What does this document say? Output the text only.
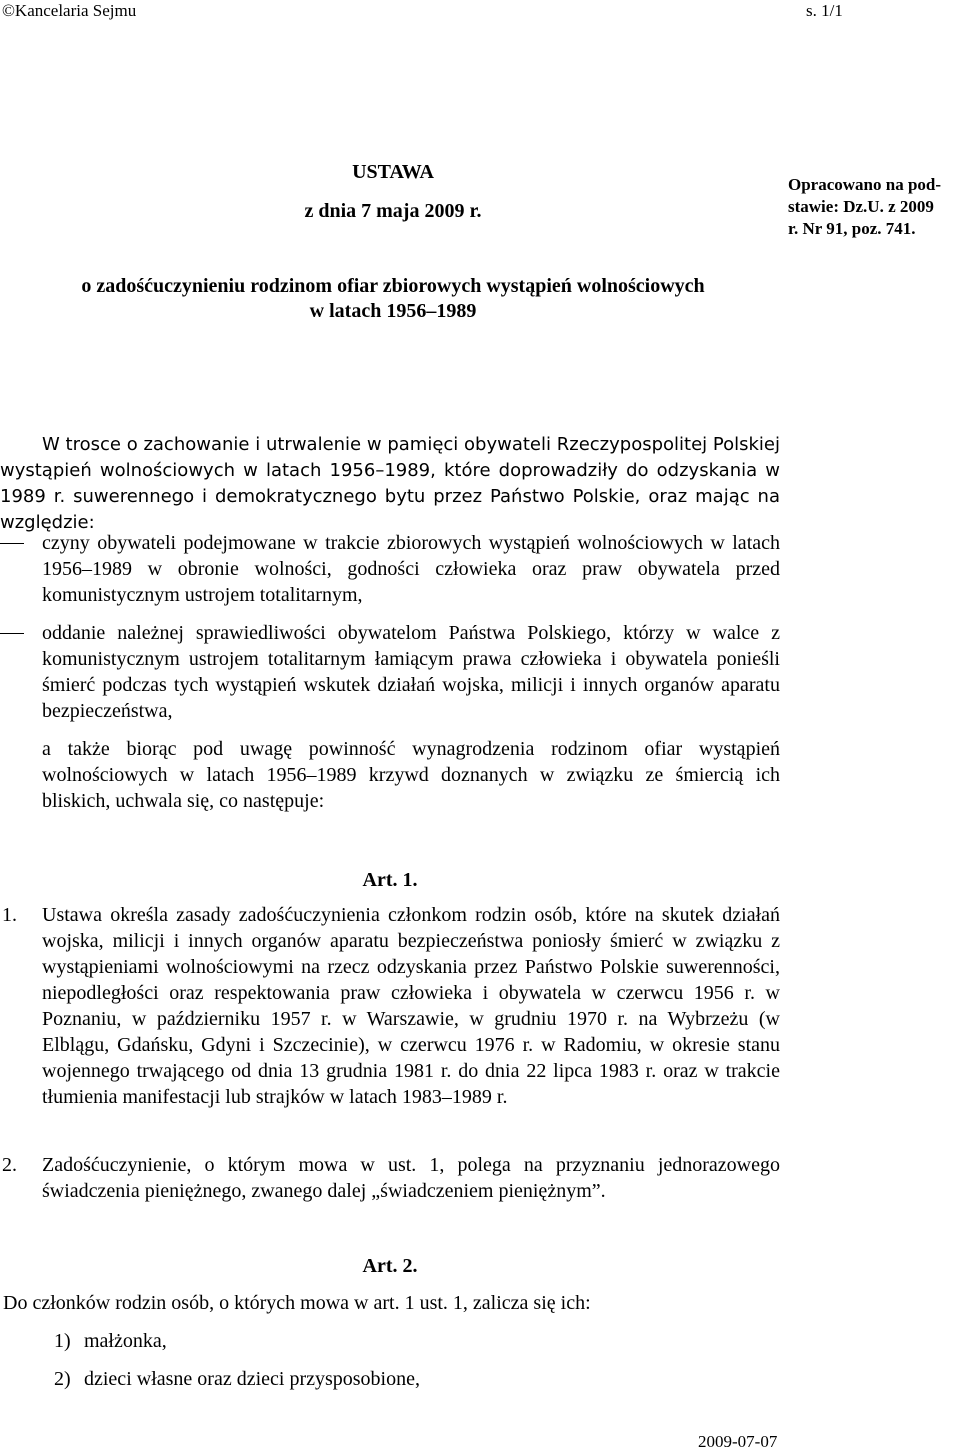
©Kancelaria Sejmu	s. 1/1
USTAWA
z dnia 7 maja 2009 r.
Opracowano na pod-
stawie: Dz.U. z 2009
r. Nr 91, poz. 741.
o zadośćuczynieniu rodzinom ofiar zbiorowych wystąpień wolnościowych
w latach 1956–1989
W trosce o zachowanie i utrwalenie w pamięci obywateli Rzeczypospolitej Polskiej wystąpień wolnościowych w latach 1956–1989, które doprowadziły do odzyskania w 1989 r. suwerennego i demokratycznego bytu przez Państwo Polskie, oraz mając na względzie:
czyny obywateli podejmowane w trakcie zbiorowych wystąpień wolnościowych w latach 1956–1989 w obronie wolności, godności człowieka oraz praw obywatela przed komunistycznym ustrojem totalitarnym,
oddanie należnej sprawiedliwości obywatelom Państwa Polskiego, którzy w walce z komunistycznym ustrojem totalitarnym łamiącym prawa człowieka i obywatela ponieśli śmierć podczas tych wystąpień wskutek działań wojska, milicji i innych organów aparatu bezpieczeństwa,
a także biorąc pod uwagę powinność wynagrodzenia rodzinom ofiar wystąpień wolnościowych w latach 1956–1989 krzywd doznanych w związku ze śmiercią ich bliskich, uchwala się, co następuje:
Art. 1.
1. Ustawa określa zasady zadośćuczynienia członkom rodzin osób, które na skutek działań wojska, milicji i innych organów aparatu bezpieczeństwa poniosły śmierć w związku z wystąpieniami wolnościowymi na rzecz odzyskania przez Państwo Polskie suwerenności, niepodległości oraz respektowania praw człowieka i obywatela w czerwcu 1956 r. w Poznaniu, w październiku 1957 r. w Warszawie, w grudniu 1970 r. na Wybrzeżu (w Elblągu, Gdańsku, Gdyni i Szczecinie), w czerwcu 1976 r. w Radomiu, w okresie stanu wojennego trwającego od dnia 13 grudnia 1981 r. do dnia 22 lipca 1983 r. oraz w trakcie tłumienia manifestacji lub strajków w latach 1983–1989 r.
2. Zadośćuczynienie, o którym mowa w ust. 1, polega na przyznaniu jednorazowego świadczenia pieniężnego, zwanego dalej „świadczeniem pieniężnym”.
Art. 2.
Do członków rodzin osób, o których mowa w art. 1 ust. 1, zalicza się ich:
1) małżonka,
2) dzieci własne oraz dzieci przysposobione,
2009-07-07
